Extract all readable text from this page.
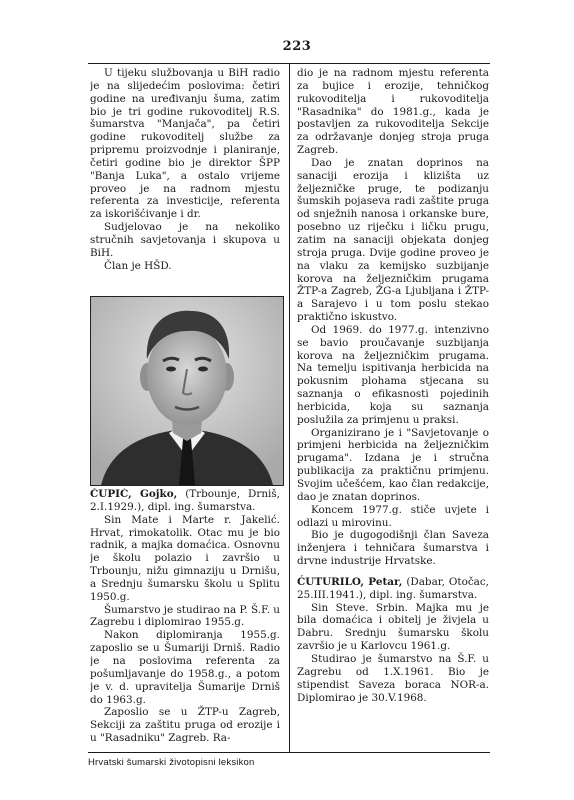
223

U tijeku službovanja u BiH radio je na slijedećim poslovima: četiri godine na uređivanju šuma, zatim bio je tri godine rukovoditelj R.S. šumarstva "Manjača", pa četiri godine rukovoditelj službe za pripremu proizvodnje i planiranje, četiri godine bio je direktor ŠPP "Banja Luka", a ostalo vrijeme proveo je na radnom mjestu referenta za investicije, referenta za iskorišćivanje i dr.

Sudjelovao je na nekoliko stručnih savjetovanja i skupova u BiH.

Član je HŠD.

ČUPIĆ, Gojko, (Trbounje, Drniš, 2.I.1929.), dipl. ing. šumarstva.

Sin Mate i Marte r. Jakelić. Hrvat, rimokatolik. Otac mu je bio radnik, a majka domaćica. Osnovnu je školu polazio i završio u Trbounju, nižu gimnaziju u Drnišu, a Srednju šumarsku školu u Splitu 1950.g.

Šumarstvo je studirao na P. Š.F. u Zagrebu i diplomirao 1955.g.

Nakon diplomiranja 1955.g. zaposlio se u Šumariji Drniš. Radio je na poslovima referenta za pošumljavanje do 1958.g., a potom je v. d. upravitelja Šumarije Drniš do 1963.g.

Zaposlio se u ŽTP-u Zagreb, Sekciji za zaštitu pruga od erozije i u "Rasadniku" Zagreb. Ra-

dio je na radnom mjestu referenta za bujice i erozije, tehničkog rukovoditelja i rukovoditelja "Rasadnika" do 1981.g., kada je postavljen za rukovoditelja Sekcije za održavanje donjeg stroja pruga Zagreb.

Dao je znatan doprinos na sanaciji erozija i klizišta uz željezničke pruge, te podizanju šumskih pojaseva radi zaštite pruga od snježnih nanosa i orkanske bure, posebno uz riječku i ličku prugu, zatim na sanaciji objekata donjeg stroja pruga. Dvije godine proveo je na vlaku za kemijsko suzbijanje korova na željezničkim prugama ŽTP-a Zagreb, ŽG-a Ljubljana i ŽTP-a Sarajevo i u tom poslu stekao praktično iskustvo.

Od 1969. do 1977.g. intenzivno se bavio proučavanje suzbijanja korova na željezničkim prugama. Na temelju ispitivanja herbicida na pokusnim plohama stjecana su saznanja o efikasnosti pojedinih herbicida, koja su saznanja poslužila za primjenu u praksi.

Organizirano je i "Savjetovanje o primjeni herbicida na željezničkim prugama". Izdana je i stručna publikacija za praktičnu primjenu. Svojim učešćem, kao član redakcije, dao je znatan doprinos.

Koncem 1977.g. stiče uvjete i odlazi u mirovinu.

Bio je dugogodišnji član Saveza inženjera i tehničara šumarstva i drvne industrije Hrvatske.

ĆUTURILO, Petar, (Dabar, Otočac, 25.III.1941.), dipl. ing. šumarstva.

Sin Steve. Srbin. Majka mu je bila domaćica i obitelj je živjela u Dabru. Srednju šumarsku školu završio je u Karlovcu 1961.g.

Studirao je šumarstvo na Š.F. u Zagrebu od 1.X.1961. Bio je stipendist Saveza boraca NOR-a. Diplomirao je 30.V.1968.

Hrvatski šumarski životopisni leksikon
